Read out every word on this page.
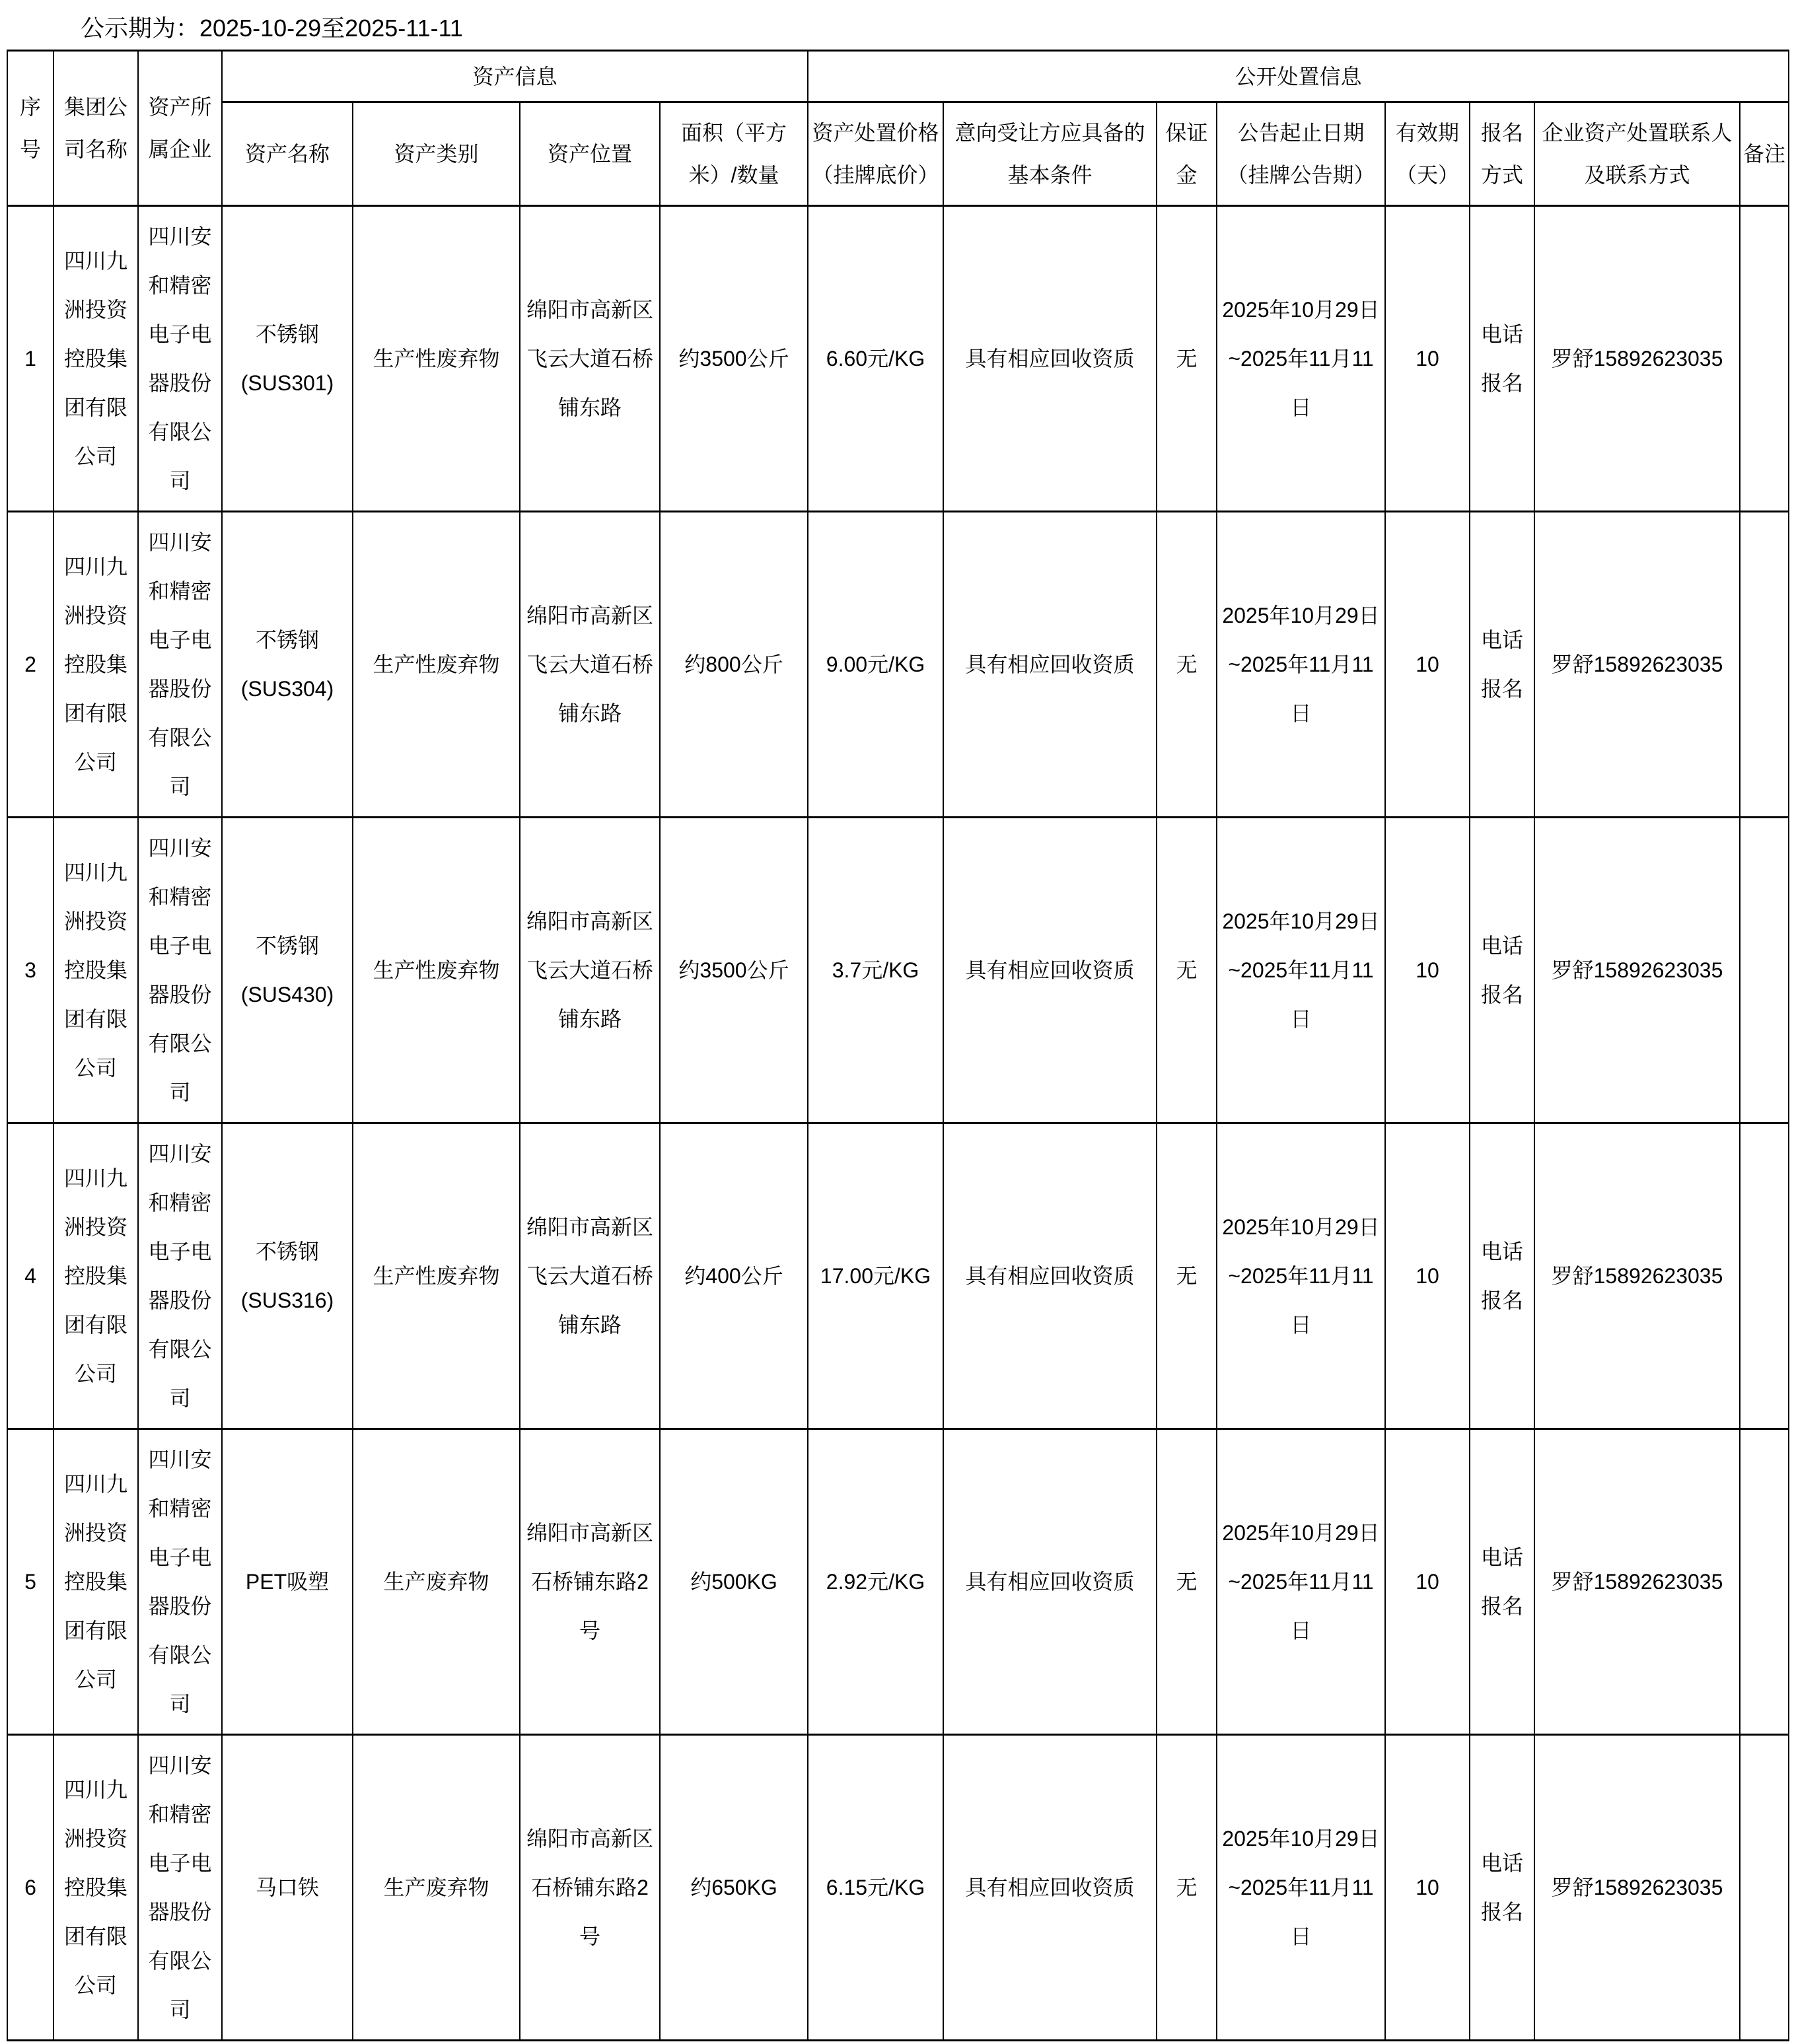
公示期为：2025-10-29至2025-11-11
序号	集团公司名称	资产所属企业	资产信息				公开处置信息							
			资产名称	资产类别	资产位置	面积（平方米）/数量	资产处置价格（挂牌底价）	意向受让方应具备的基本条件	保证金	公告起止日期（挂牌公告期）	有效期（天）	报名方式	企业资产处置联系人及联系方式	备注
1	四川九洲投资控股集团有限公司	四川安和精密电子电器股份有限公司	不锈钢(SUS301)	生产性废弃物	绵阳市高新区飞云大道石桥铺东路	约3500公斤	6.60元/KG	具有相应回收资质	无	2025年10月29日~2025年11月11日	10	电话报名	罗舒15892623035	
2	四川九洲投资控股集团有限公司	四川安和精密电子电器股份有限公司	不锈钢(SUS304)	生产性废弃物	绵阳市高新区飞云大道石桥铺东路	约800公斤	9.00元/KG	具有相应回收资质	无	2025年10月29日~2025年11月11日	10	电话报名	罗舒15892623035	
3	四川九洲投资控股集团有限公司	四川安和精密电子电器股份有限公司	不锈钢(SUS430)	生产性废弃物	绵阳市高新区飞云大道石桥铺东路	约3500公斤	3.7元/KG	具有相应回收资质	无	2025年10月29日~2025年11月11日	10	电话报名	罗舒15892623035	
4	四川九洲投资控股集团有限公司	四川安和精密电子电器股份有限公司	不锈钢(SUS316)	生产性废弃物	绵阳市高新区飞云大道石桥铺东路	约400公斤	17.00元/KG	具有相应回收资质	无	2025年10月29日~2025年11月11日	10	电话报名	罗舒15892623035	
5	四川九洲投资控股集团有限公司	四川安和精密电子电器股份有限公司	PET吸塑	生产废弃物	绵阳市高新区石桥铺东路2号	约500KG	2.92元/KG	具有相应回收资质	无	2025年10月29日~2025年11月11日	10	电话报名	罗舒15892623035	
6	四川九洲投资控股集团有限公司	四川安和精密电子电器股份有限公司	马口铁	生产废弃物	绵阳市高新区石桥铺东路2号	约650KG	6.15元/KG	具有相应回收资质	无	2025年10月29日~2025年11月11日	10	电话报名	罗舒15892623035	
